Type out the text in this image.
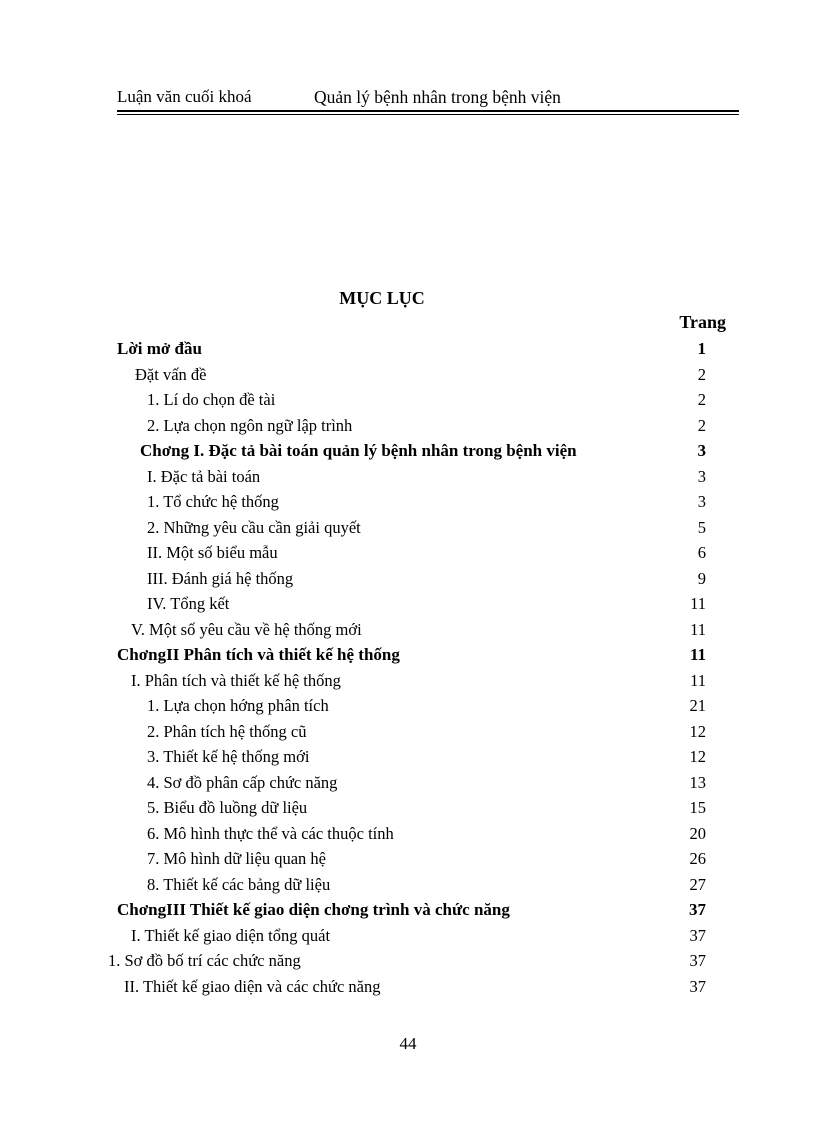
Luận văn cuối khoá	Quản lý bệnh nhân trong bệnh viện
MỤC LỤC
Trang
Lời mở đầu	1
Đặt vấn đề	2
1. Lí do chọn đề tài	2
2. Lựa chọn ngôn ngữ lập trình	2
Chơng I. Đặc tả bài toán quản lý bệnh nhân trong bệnh viện	3
I. Đặc tả bài toán	3
1. Tổ chức hệ thống	3
2. Những yêu cầu cần giải quyết	5
II. Một số biểu mẫu	6
III. Đánh giá hệ thống	9
IV. Tổng kết	11
V. Một số yêu cầu về hệ thống mới	11
ChơngII Phân tích và thiết kế hệ thống	11
I. Phân tích và thiết kế hệ thống	11
1. Lựa chọn hớng phân tích	21
2. Phân tích hệ thống cũ	12
3. Thiết kế hệ thống mới	12
4. Sơ đồ phân cấp chức năng	13
5. Biểu đồ luồng dữ liệu	15
6. Mô hình thực thể và các thuộc tính	20
7. Mô hình dữ liệu quan hệ	26
8. Thiết kế các bảng dữ liệu	27
ChơngIII Thiết kế giao diện chơng trình và chức năng	37
I. Thiết kế giao diện tổng quát	37
1. Sơ đồ bố trí các chức năng	37
II. Thiết kế giao diện và các chức năng	37
44
